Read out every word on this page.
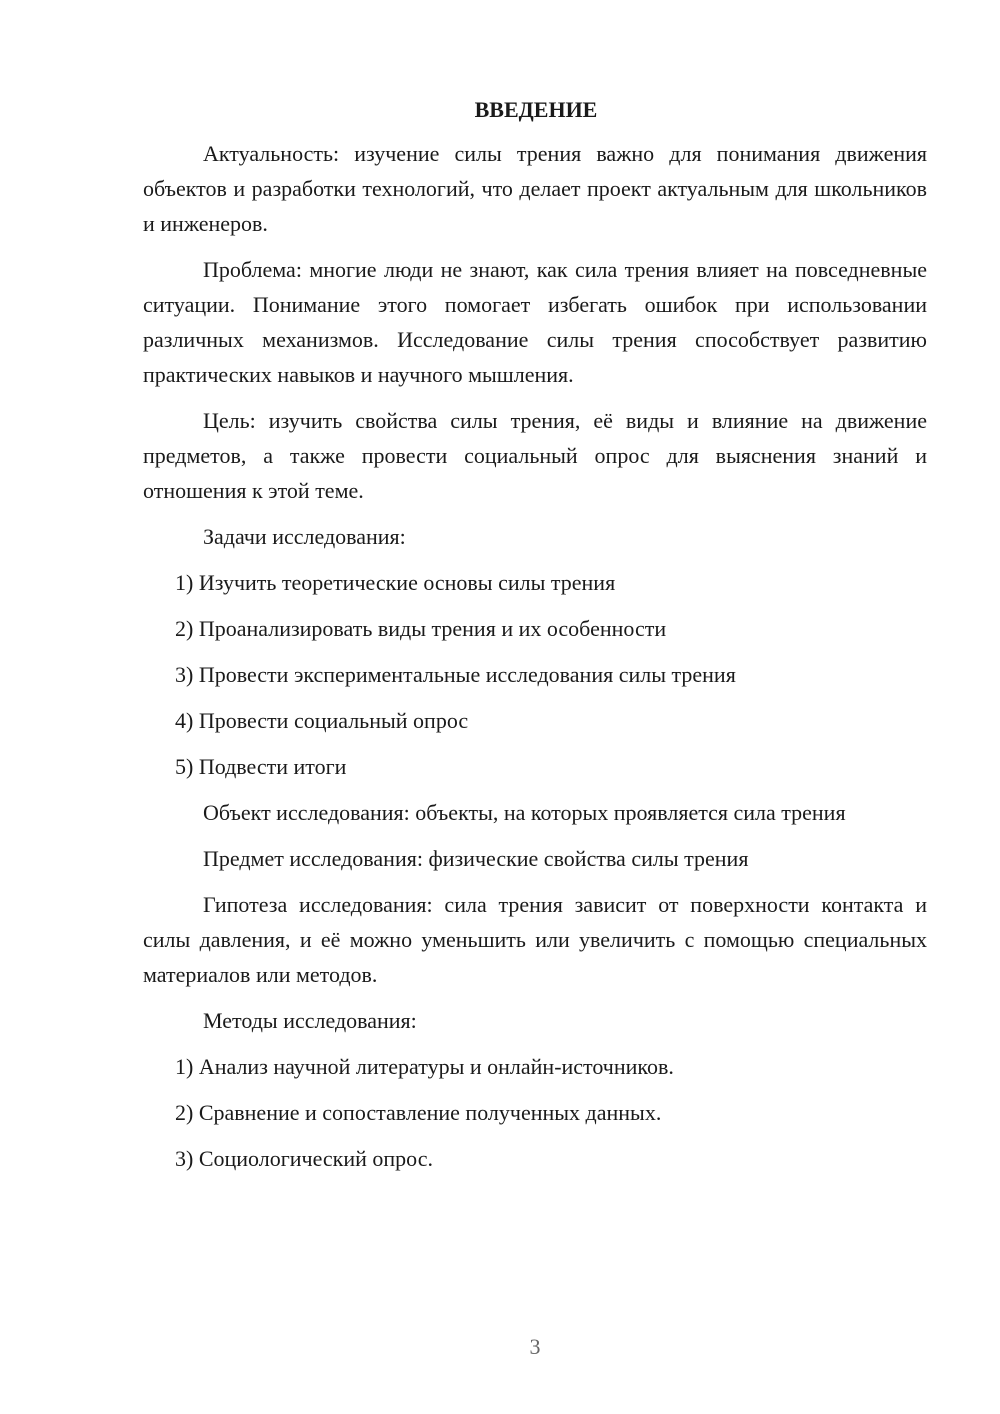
ВВЕДЕНИЕ

Актуальность: изучение силы трения важно для понимания движения объектов и разработки технологий, что делает проект актуальным для школьников и инженеров.

Проблема: многие люди не знают, как сила трения влияет на повседневные ситуации. Понимание этого помогает избегать ошибок при использовании различных механизмов. Исследование силы трения способствует развитию практических навыков и научного мышления.

Цель: изучить свойства силы трения, её виды и влияние на движение предметов, а также провести социальный опрос для выяснения знаний и отношения к этой теме.

Задачи исследования:

1) Изучить теоретические основы силы трения
2) Проанализировать виды трения и их особенности
3) Провести экспериментальные исследования силы трения
4) Провести социальный опрос
5) Подвести итоги

Объект исследования: объекты, на которых проявляется сила трения

Предмет исследования: физические свойства силы трения

Гипотеза исследования: сила трения зависит от поверхности контакта и силы давления, и её можно уменьшить или увеличить с помощью специальных материалов или методов.

Методы исследования:

1) Анализ научной литературы и онлайн-источников.
2) Сравнение и сопоставление полученных данных.
3) Социологический опрос.
3
